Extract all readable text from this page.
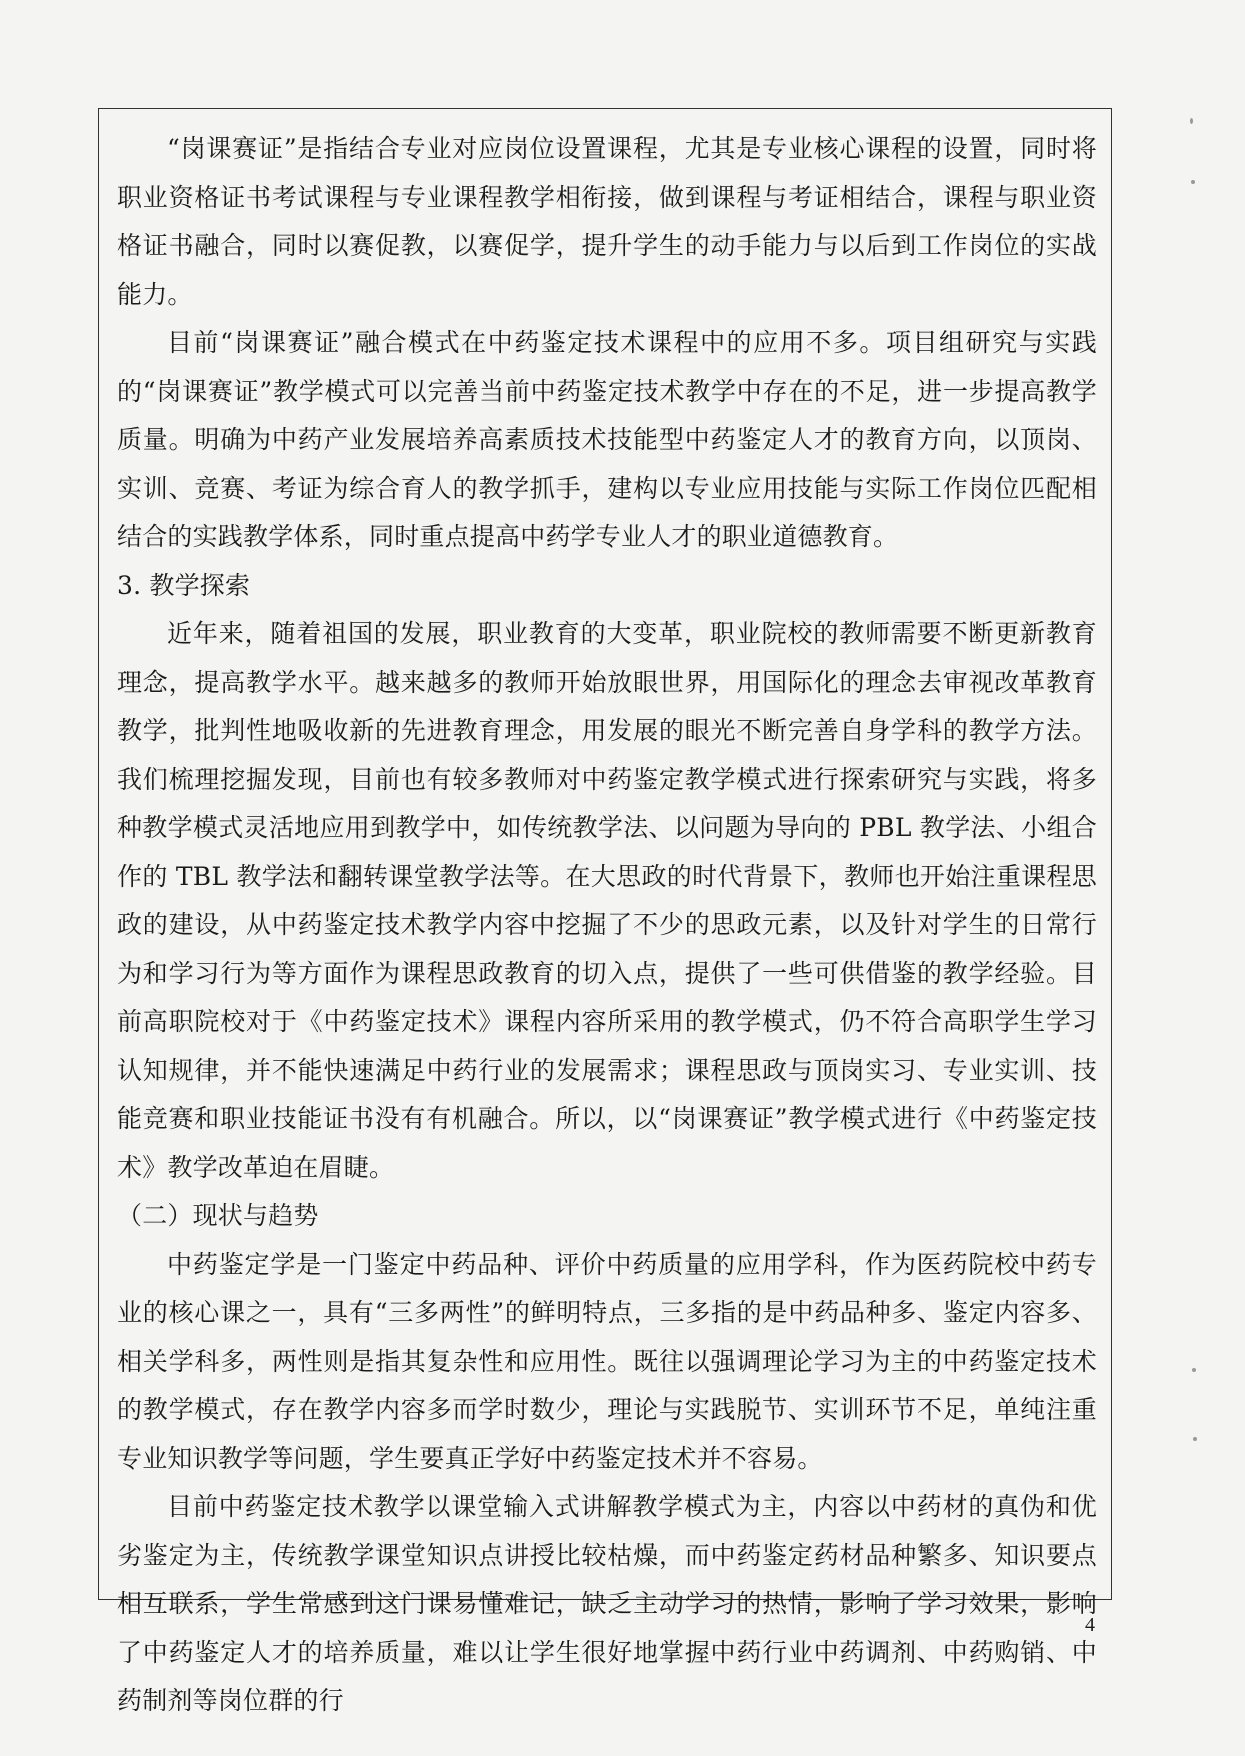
“岗课赛证”是指结合专业对应岗位设置课程，尤其是专业核心课程的设置，同时将职业资格证书考试课程与专业课程教学相衔接，做到课程与考证相结合，课程与职业资格证书融合，同时以赛促教，以赛促学，提升学生的动手能力与以后到工作岗位的实战能力。

目前“岗课赛证”融合模式在中药鉴定技术课程中的应用不多。项目组研究与实践的“岗课赛证”教学模式可以完善当前中药鉴定技术教学中存在的不足，进一步提高教学质量。明确为中药产业发展培养高素质技术技能型中药鉴定人才的教育方向，以顶岗、实训、竞赛、考证为综合育人的教学抓手，建构以专业应用技能与实际工作岗位匹配相结合的实践教学体系，同时重点提高中药学专业人才的职业道德教育。

3. 教学探索

近年来，随着祖国的发展，职业教育的大变革，职业院校的教师需要不断更新教育理念，提高教学水平。越来越多的教师开始放眼世界，用国际化的理念去审视改革教育教学，批判性地吸收新的先进教育理念，用发展的眼光不断完善自身学科的教学方法。我们梳理挖掘发现，目前也有较多教师对中药鉴定教学模式进行探索研究与实践，将多种教学模式灵活地应用到教学中，如传统教学法、以问题为导向的 PBL 教学法、小组合作的 TBL 教学法和翻转课堂教学法等。在大思政的时代背景下，教师也开始注重课程思政的建设，从中药鉴定技术教学内容中挖掘了不少的思政元素，以及针对学生的日常行为和学习行为等方面作为课程思政教育的切入点，提供了一些可供借鉴的教学经验。目前高职院校对于《中药鉴定技术》课程内容所采用的教学模式，仍不符合高职学生学习认知规律，并不能快速满足中药行业的发展需求；课程思政与顶岗实习、专业实训、技能竞赛和职业技能证书没有有机融合。所以，以“岗课赛证”教学模式进行《中药鉴定技术》教学改革迫在眉睫。

（二）现状与趋势

中药鉴定学是一门鉴定中药品种、评价中药质量的应用学科，作为医药院校中药专业的核心课之一，具有“三多两性”的鲜明特点，三多指的是中药品种多、鉴定内容多、相关学科多，两性则是指其复杂性和应用性。既往以强调理论学习为主的中药鉴定技术的教学模式，存在教学内容多而学时数少，理论与实践脱节、实训环节不足，单纯注重专业知识教学等问题，学生要真正学好中药鉴定技术并不容易。

目前中药鉴定技术教学以课堂输入式讲解教学模式为主，内容以中药材的真伪和优劣鉴定为主，传统教学课堂知识点讲授比较枯燥，而中药鉴定药材品种繁多、知识要点相互联系，学生常感到这门课易懂难记，缺乏主动学习的热情，影响了学习效果，影响了中药鉴定人才的培养质量，难以让学生很好地掌握中药行业中药调剂、中药购销、中药制剂等岗位群的行

4
